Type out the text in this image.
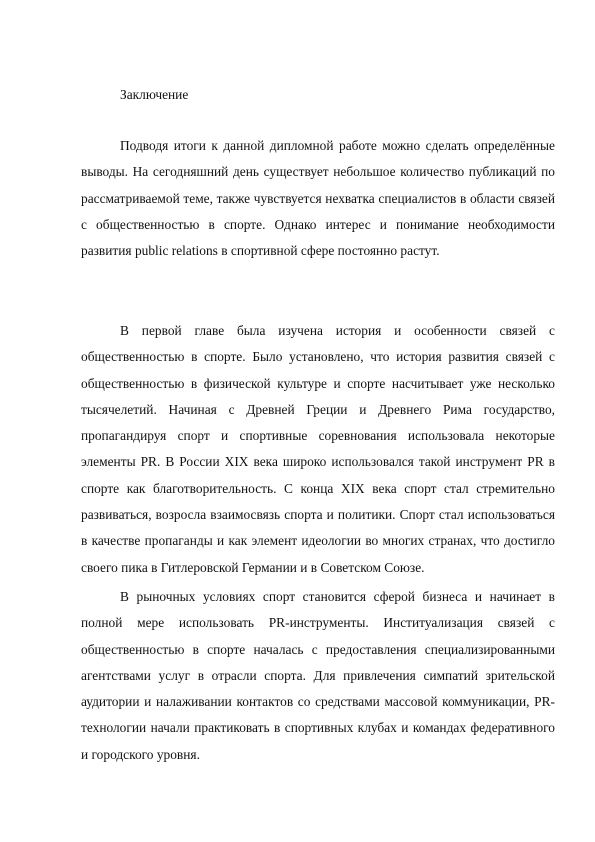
Заключение

Подводя итоги к данной дипломной работе можно сделать определённые выводы. На сегодняшний день существует небольшое количество публикаций по рассматриваемой теме, также чувствуется нехватка специалистов в области связей с общественностью в спорте. Однако интерес и понимание необходимости развития public relations в спортивной сфере постоянно растут.

В первой главе была изучена история и особенности связей с общественностью в спорте. Было установлено, что история развития связей с общественностью в физической культуре и спорте насчитывает уже несколько тысячелетий. Начиная с Древней Греции и Древнего Рима государство, пропагандируя спорт и спортивные соревнования использовала некоторые элементы PR. В России XIX века широко использовался такой инструмент PR в спорте как благотворительность. С конца XIX века спорт стал стремительно развиваться, возросла взаимосвязь спорта и политики. Спорт стал использоваться в качестве пропаганды и как элемент идеологии во многих странах, что достигло своего пика в Гитлеровской Германии и в Советском Союзе.

В рыночных условиях спорт становится сферой бизнеса и начинает в полной мере использовать PR-инструменты. Институализация связей с общественностью в спорте началась с предоставления специализированными агентствами услуг в отрасли спорта. Для привлечения симпатий зрительской аудитории и налаживании контактов со средствами массовой коммуникации, PR-технологии начали практиковать в спортивных клубах и командах федеративного и городского уровня.
